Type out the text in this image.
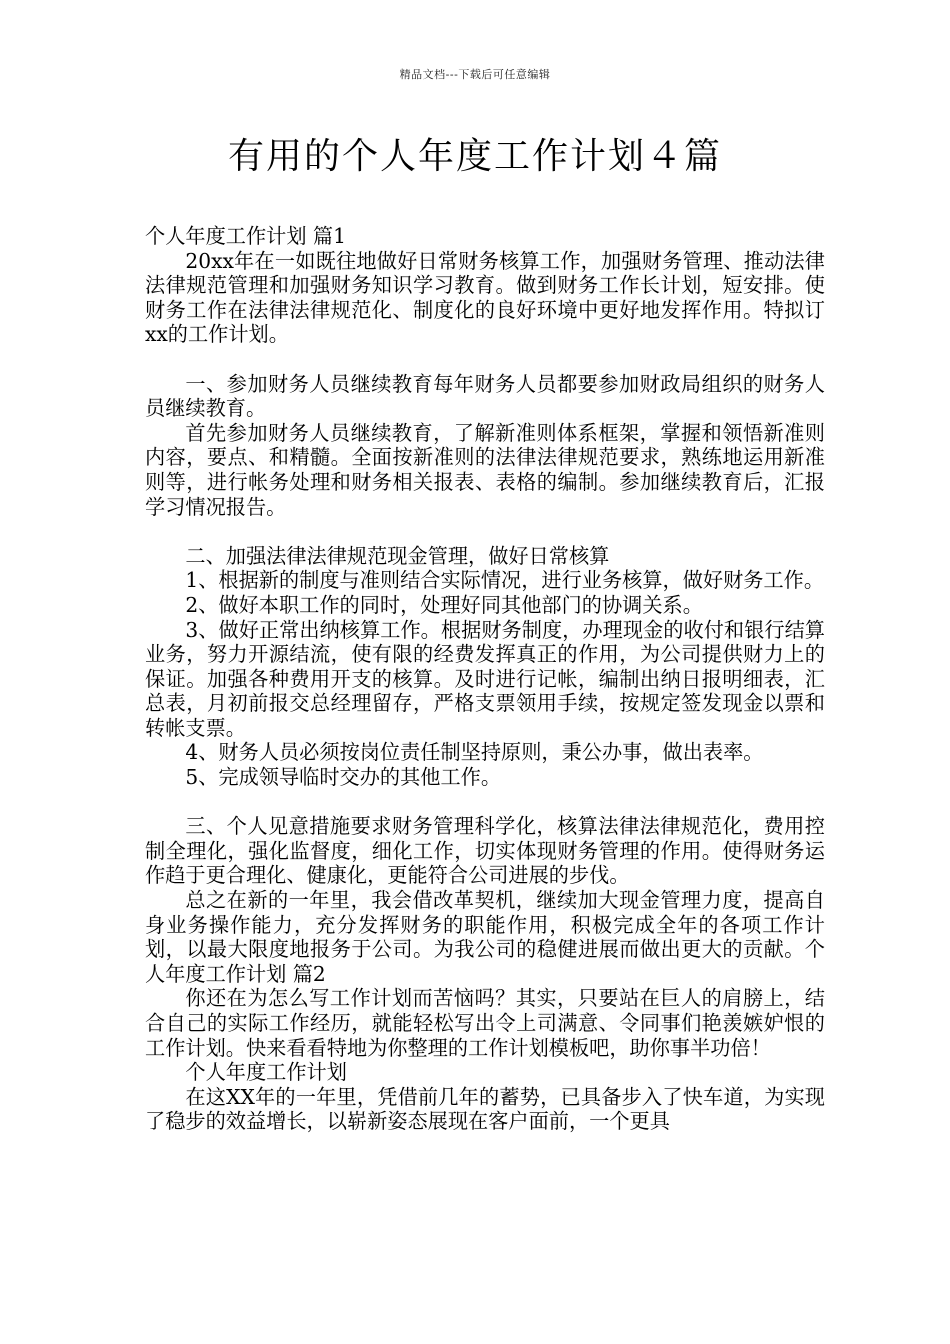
精品文档---下载后可任意编辑
有用的个人年度工作计划４篇

个人年度工作计划 篇1

20xx年在一如既往地做好日常财务核算工作，加强财务管理、推动法律法律规范管理和加强财务知识学习教育。做到财务工作长计划，短安排。使财务工作在法律法律规范化、制度化的良好环境中更好地发挥作用。特拟订xx的工作计划。

一、参加财务人员继续教育每年财务人员都要参加财政局组织的财务人员继续教育。

首先参加财务人员继续教育，了解新准则体系框架，掌握和领悟新准则内容，要点、和精髓。全面按新准则的法律法律规范要求，熟练地运用新准则等，进行帐务处理和财务相关报表、表格的编制。参加继续教育后，汇报学习情况报告。

二、加强法律法律规范现金管理，做好日常核算

1、根据新的制度与准则结合实际情况，进行业务核算，做好财务工作。

2、做好本职工作的同时，处理好同其他部门的协调关系。

3、做好正常出纳核算工作。根据财务制度，办理现金的收付和银行结算业务，努力开源结流，使有限的经费发挥真正的作用，为公司提供财力上的保证。加强各种费用开支的核算。及时进行记帐，编制出纳日报明细表，汇总表，月初前报交总经理留存，严格支票领用手续，按规定签发现金以票和转帐支票。

4、财务人员必须按岗位责任制坚持原则，秉公办事，做出表率。

5、完成领导临时交办的其他工作。

三、个人见意措施要求财务管理科学化，核算法律法律规范化，费用控制全理化，强化监督度，细化工作，切实体现财务管理的作用。使得财务运作趋于更合理化、健康化，更能符合公司进展的步伐。

总之在新的一年里，我会借改革契机，继续加大现金管理力度，提高自身业务操作能力，充分发挥财务的职能作用，积极完成全年的各项工作计划，以最大限度地报务于公司。为我公司的稳健进展而做出更大的贡献。个人年度工作计划 篇2

你还在为怎么写工作计划而苦恼吗？其实，只要站在巨人的肩膀上，结合自己的实际工作经历，就能轻松写出令上司满意、令同事们艳羡嫉妒恨的工作计划。快来看看特地为你整理的工作计划模板吧，助你事半功倍！

个人年度工作计划

在这XX年的一年里，凭借前几年的蓄势，已具备步入了快车道，为实现了稳步的效益增长，以崭新姿态展现在客户面前，一个更具
